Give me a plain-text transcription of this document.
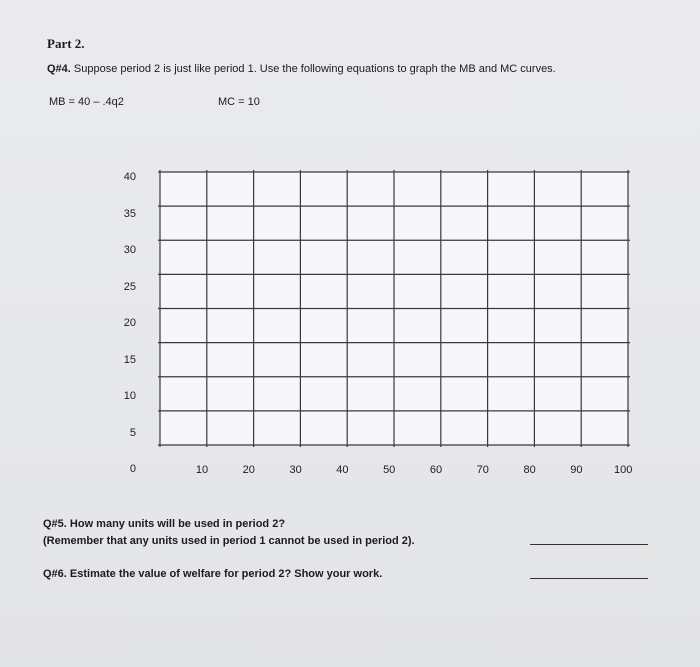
Part 2.
Q#4. Suppose period 2 is just like period 1. Use the following equations to graph the MB and MC curves.
MB = 40 – .4q2	MC = 10
40
35
30
25
20
15
10
5
0	10	20	30	40	50	60	70	80	90	100
Q#5. How many units will be used in period 2?
(Remember that any units used in period 1 cannot be used in period 2).
Q#6. Estimate the value of welfare for period 2? Show your work.
